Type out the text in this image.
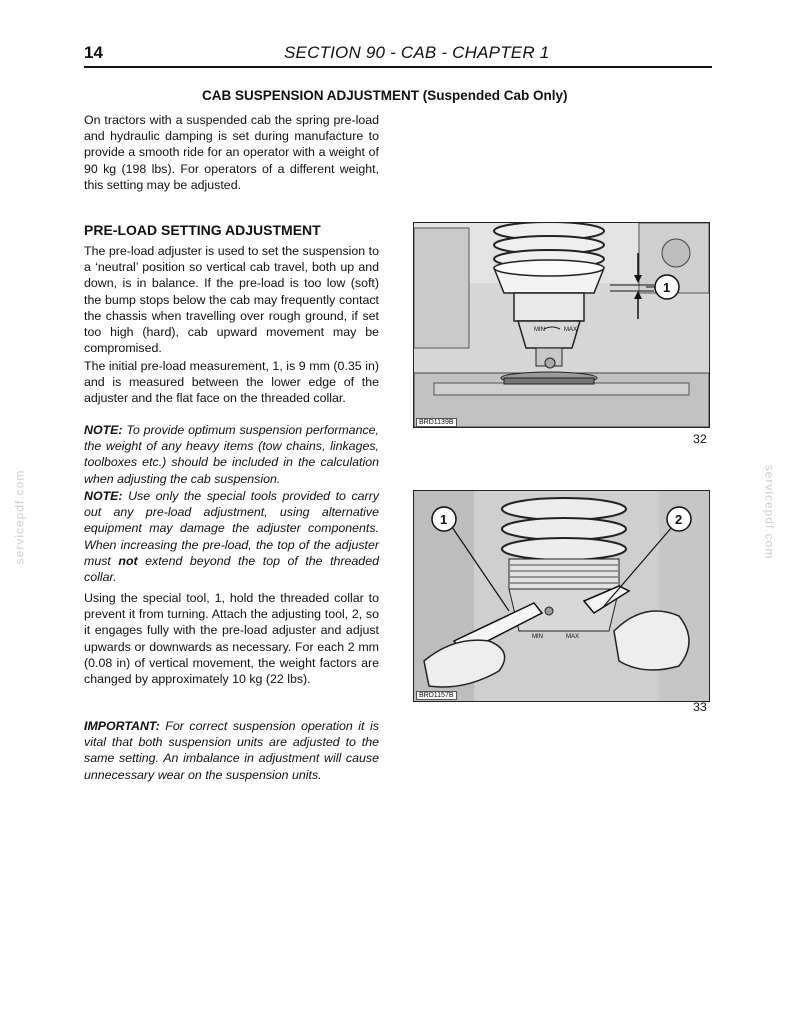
14	SECTION 90 - CAB - CHAPTER 1
CAB SUSPENSION ADJUSTMENT (Suspended Cab Only)

On tractors with a suspended cab the spring pre-load and hydraulic damping is set during manufacture to provide a smooth ride for an operator with a weight of 90 kg (198 lbs). For operators of a different weight, this setting may be adjusted.

PRE-LOAD SETTING ADJUSTMENT

The pre-load adjuster is used to set the suspension to a ‘neutral’ position so vertical cab travel, both up and down, is in balance. If the pre-load is too low (soft) the bump stops below the cab may frequently contact the chassis when travelling over rough ground, if set too high (hard), cab upward movement may be compromised.

The initial pre-load measurement, 1, is 9 mm (0.35 in) and is measured between the lower edge of the adjuster and the flat face on the threaded collar.

NOTE: To provide optimum suspension performance, the weight of any heavy items (tow chains, linkages, toolboxes etc.) should be included in the calculation when adjusting the cab suspension.

NOTE: Use only the special tools provided to carry out any pre-load adjustment, using alternative equipment may damage the adjuster components. When increasing the pre-load, the top of the adjuster must not extend beyond the top of the threaded collar.

Using the special tool, 1, hold the threaded collar to prevent it from turning. Attach the adjusting tool, 2, so it engages fully with the pre-load adjuster and adjust upwards or downwards as necessary. For each 2 mm (0.08 in) of vertical movement, the weight factors are changed by approximately 10 kg (22 lbs).

IMPORTANT: For correct suspension operation it is vital that both suspension units are adjusted to the same setting. An imbalance in adjustment will cause unnecessary wear on the suspension units.

MIN	MAX
1
BRD1139B
32
MIN	MAX
1	2
BRD1157B
33
servicepdf.com	servicepdf.com
